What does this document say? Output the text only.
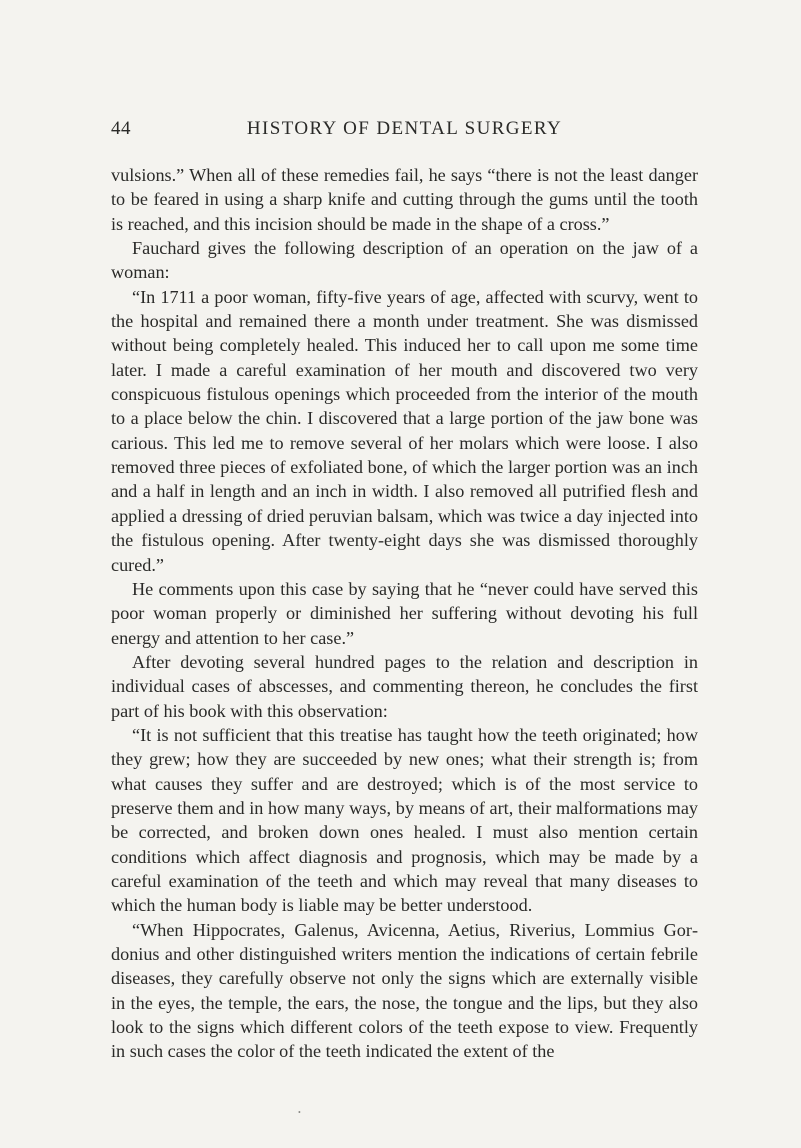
44	HISTORY OF DENTAL SURGERY

vulsions.” When all of these remedies fail, he says “there is not the least danger to be feared in using a sharp knife and cutting through the gums until the tooth is reached, and this incision should be made in the shape of a cross.”

Fauchard gives the following description of an operation on the jaw of a woman:

“In 1711 a poor woman, fifty-five years of age, affected with scurvy, went to the hospital and remained there a month under treatment. She was dismissed without being completely healed. This induced her to call upon me some time later. I made a careful examination of her mouth and discovered two very conspicuous fistulous openings which proceeded from the interior of the mouth to a place below the chin. I discovered that a large portion of the jaw bone was carious. This led me to remove several of her molars which were loose. I also removed three pieces of exfoliated bone, of which the larger portion was an inch and a half in length and an inch in width. I also removed all putrified flesh and applied a dressing of dried peruvian balsam, which was twice a day injected into the fistulous opening. After twenty-eight days she was dismissed thoroughly cured.”

He comments upon this case by saying that he “never could have served this poor woman properly or diminished her suffering without devoting his full energy and attention to her case.”

After devoting several hundred pages to the relation and description in individual cases of abscesses, and commenting thereon, he concludes the first part of his book with this observation:

“It is not sufficient that this treatise has taught how the teeth originated; how they grew; how they are succeeded by new ones; what their strength is; from what causes they suffer and are destroyed; which is of the most service to preserve them and in how many ways, by means of art, their malformations may be corrected, and broken down ones healed. I must also mention certain conditions which affect diagnosis and prognosis, which may be made by a careful examination of the teeth and which may reveal that many diseases to which the human body is liable may be better understood.

“When Hippocrates, Galenus, Avicenna, Aetius, Riverius, Lommius Gordonius and other distinguished writers mention the indications of certain febrile diseases, they carefully observe not only the signs which are externally visible in the eyes, the temple, the ears, the nose, the tongue and the lips, but they also look to the signs which different colors of the teeth expose to view. Frequently in such cases the color of the teeth indicated the extent of the

•
